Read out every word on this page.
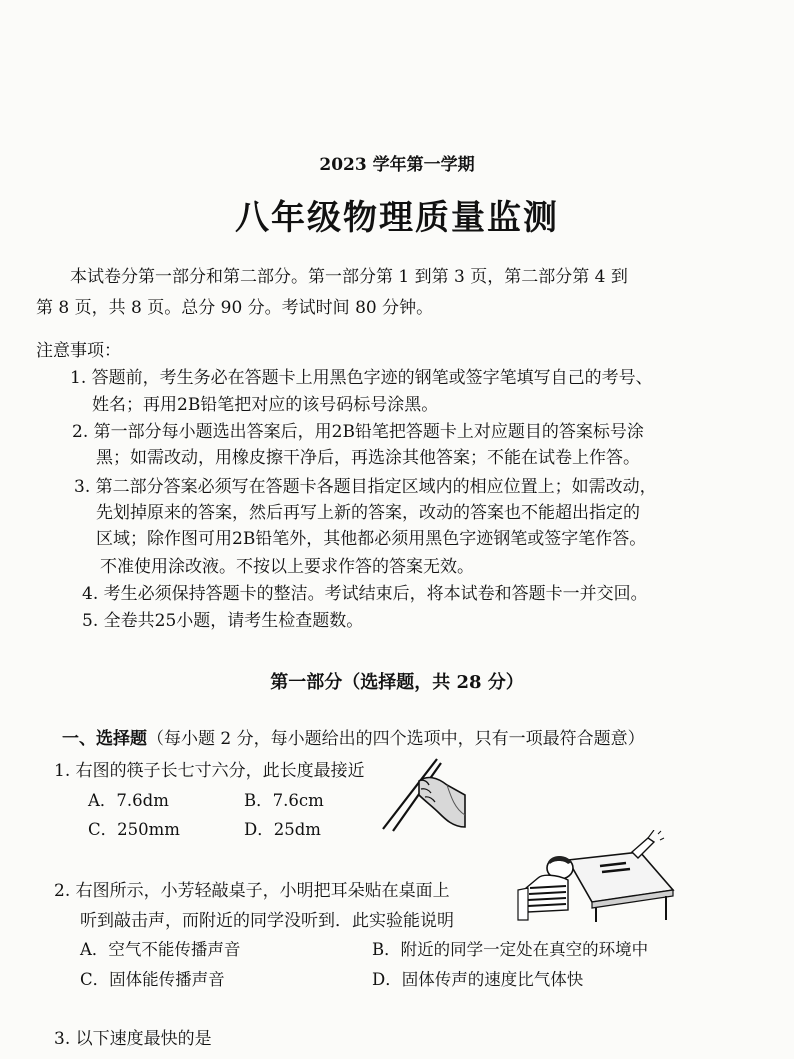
2023 学年第一学期
八年级物理质量监测
本试卷分第一部分和第二部分。第一部分第 1 到第 3 页，第二部分第 4 到
第 8 页，共 8 页。总分 90 分。考试时间 80 分钟。
注意事项：
1. 答题前，考生务必在答题卡上用黑色字迹的钢笔或签字笔填写自己的考号、
姓名；再用2B铅笔把对应的该号码标号涂黑。
2. 第一部分每小题选出答案后，用2B铅笔把答题卡上对应题目的答案标号涂
黑；如需改动，用橡皮擦干净后，再选涂其他答案；不能在试卷上作答。
3. 第二部分答案必须写在答题卡各题目指定区域内的相应位置上；如需改动，
先划掉原来的答案，然后再写上新的答案，改动的答案也不能超出指定的
区域；除作图可用2B铅笔外，其他都必须用黑色字迹钢笔或签字笔作答。
不准使用涂改液。不按以上要求作答的答案无效。
4. 考生必须保持答题卡的整洁。考试结束后，将本试卷和答题卡一并交回。
5. 全卷共25小题，请考生检查题数。
第一部分（选择题，共 28 分）
一、选择题（每小题 2 分，每小题给出的四个选项中，只有一项最符合题意）
1. 右图的筷子长七寸六分，此长度最接近
A．7.6dm	B．7.6cm
C．250mm	D．25dm
2. 右图所示，小芳轻敲桌子，小明把耳朵贴在桌面上
听到敲击声，而附近的同学没听到．此实验能说明
A．空气不能传播声音	B．附近的同学一定处在真空的环境中
C．固体能传播声音	D．固体传声的速度比气体快
3. 以下速度最快的是
